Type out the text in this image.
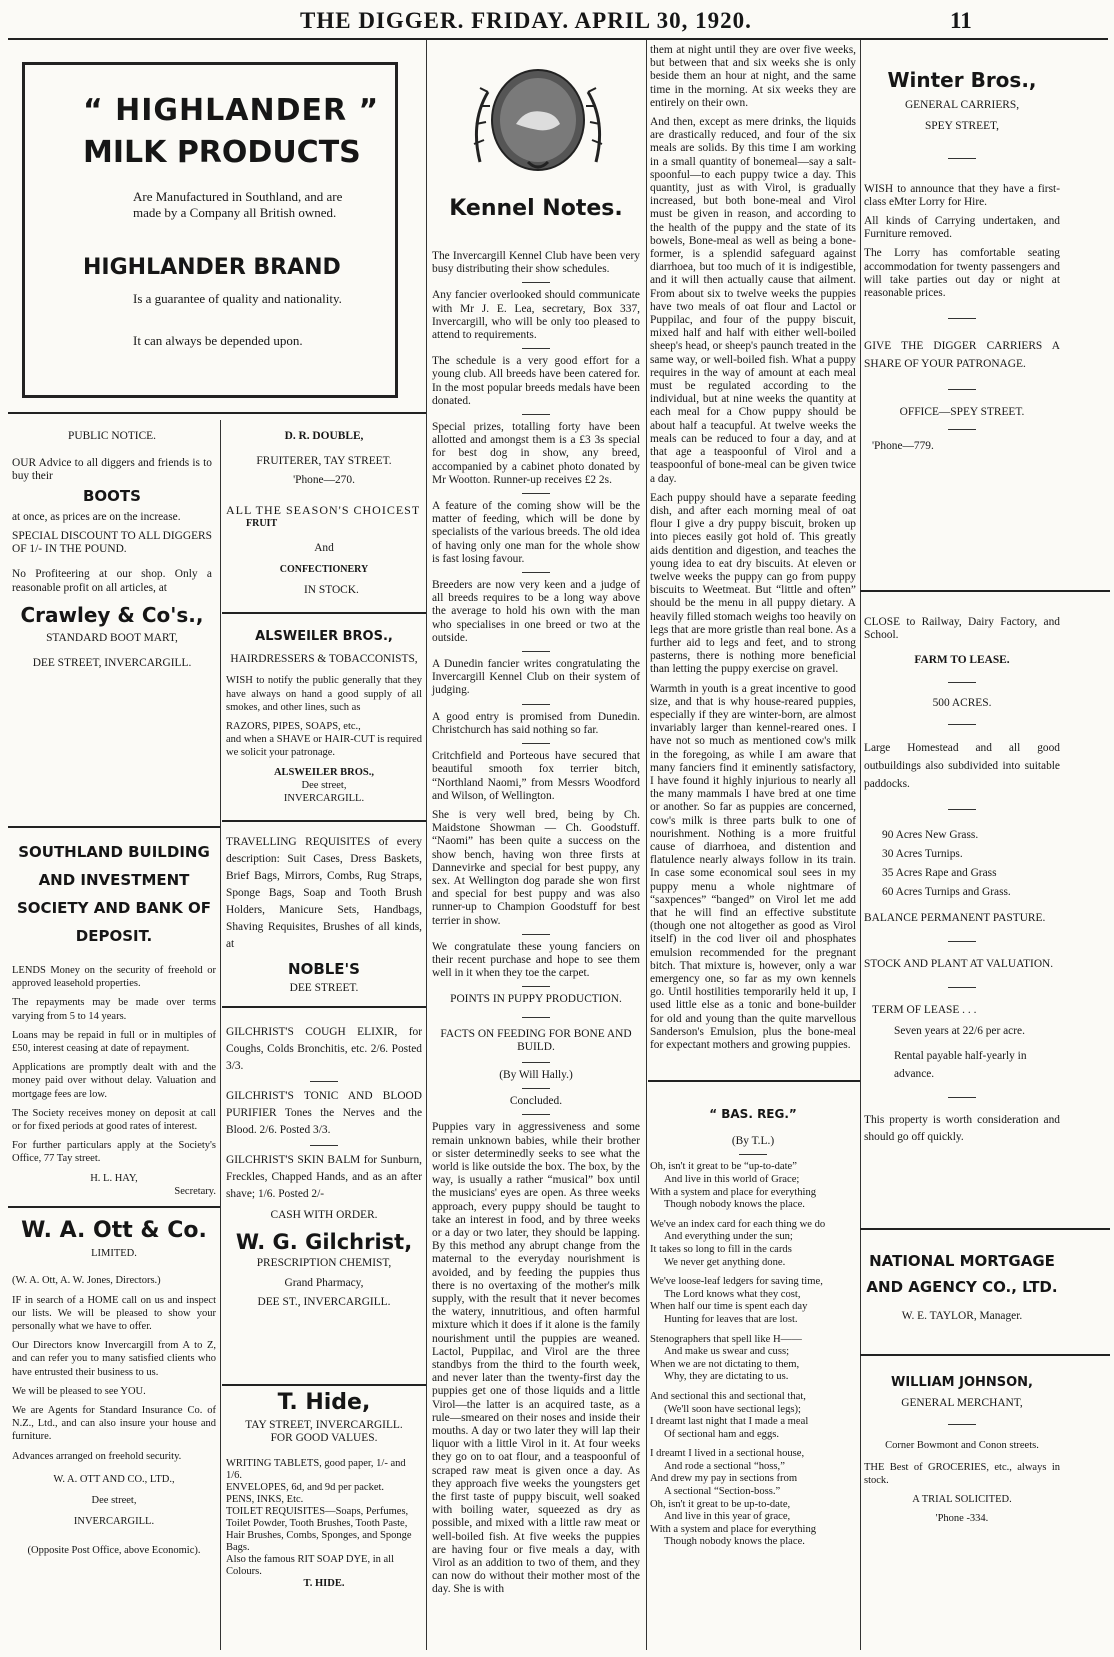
THE DIGGER. FRIDAY. APRIL 30, 1920.	11
“ HIGHLANDER ”
MILK PRODUCTS
Are Manufactured in Southland, and are made by a Company all British owned.
HIGHLANDER BRAND
Is a guarantee of quality and nationality.
It can always be depended upon.
PUBLIC NOTICE.

OUR Advice to all diggers and friends is to buy their

BOOTS

at once, as prices are on the increase.

SPECIAL DISCOUNT TO ALL DIGGERS OF 1/- IN THE POUND.

No Profiteering at our shop. Only a reasonable profit on all articles, at

Crawley & Co's.,
STANDARD BOOT MART,
DEE STREET, INVERCARGILL.
SOUTHLAND BUILDING AND INVESTMENT SOCIETY AND BANK OF DEPOSIT.

LENDS Money on the security of freehold or approved leasehold properties.

The repayments may be made over terms varying from 5 to 14 years.

Loans may be repaid in full or in multiples of £50, interest ceasing at date of repayment.

Applications are promptly dealt with and the money paid over without delay. Valuation and mortgage fees are low.

The Society receives money on deposit at call or for fixed periods at good rates of interest.

For further particulars apply at the Society's Office, 77 Tay street.

H. L. HAY,
Secretary.
W. A. Ott & Co.
LIMITED.

(W. A. Ott, A. W. Jones, Directors.)

IF in search of a HOME call on us and inspect our lists. We will be pleased to show your personally what we have to offer.

Our Directors know Invercargill from A to Z, and can refer you to many satisfied clients who have entrusted their business to us.

We will be pleased to see YOU.

We are Agents for Standard Insurance Co. of N.Z., Ltd., and can also insure your house and furniture.

Advances arranged on freehold security.

W. A. OTT AND CO., LTD.,
Dee street,
INVERCARGILL.
(Opposite Post Office, above Economic).
D. R. DOUBLE,
FRUITERER, TAY STREET.
'Phone—270.
ALL THE SEASON'S CHOICEST
FRUIT
And
CONFECTIONERY
IN STOCK.
ALSWEILER BROS.,
HAIRDRESSERS & TOBACCONISTS,

WISH to notify the public generally that they have always on hand a good supply of all smokes, and other lines, such as

RAZORS, PIPES, SOAPS, etc.,

and when a SHAVE or HAIR-CUT is required we solicit your patronage.

ALSWEILER BROS.,
Dee street,
INVERCARGILL.

TRAVELLING REQUISITES of every description: Suit Cases, Dress Baskets, Brief Bags, Mirrors, Combs, Rug Straps, Sponge Bags, Soap and Tooth Brush Holders, Manicure Sets, Handbags, Shaving Requisites, Brushes of all kinds, at

NOBLE'S
DEE STREET.

GILCHRIST'S COUGH ELIXIR, for Coughs, Colds Bronchitis, etc. 2/6. Posted 3/3.

GILCHRIST'S TONIC AND BLOOD PURIFIER Tones the Nerves and the Blood. 2/6. Posted 3/3.

GILCHRIST'S SKIN BALM for Sunburn, Freckles, Chapped Hands, and as an after shave; 1/6. Posted 2/-

CASH WITH ORDER.
W. G. Gilchrist,
PRESCRIPTION CHEMIST,
Grand Pharmacy,
DEE ST., INVERCARGILL.
T. Hide,
TAY STREET, INVERCARGILL.
FOR GOOD VALUES.
WRITING TABLETS, good paper, 1/- and 1/6.
ENVELOPES, 6d, and 9d per packet.
PENS, INKS, Etc.
TOILET REQUISITES—Soaps, Perfumes, Toilet Powder, Tooth Brushes, Tooth Paste, Hair Brushes, Combs, Sponges, and Sponge Bags.
Also the famous RIT SOAP DYE, in all Colours.
T. HIDE.
Kennel Notes.

The Invercargill Kennel Club have been very busy distributing their show schedules.

Any fancier overlooked should communicate with Mr J. E. Lea, secretary, Box 337, Invercargill, who will be only too pleased to attend to requirements.

The schedule is a very good effort for a young club. All breeds have been catered for. In the most popular breeds medals have been donated.

Special prizes, totalling forty have been allotted and amongst them is a £3 3s special for best dog in show, any breed, accompanied by a cabinet photo donated by Mr Wootton. Runner-up receives £2 2s.

A feature of the coming show will be the matter of feeding, which will be done by specialists of the various breeds. The old idea of having only one man for the whole show is fast losing favour.

Breeders are now very keen and a judge of all breeds requires to be a long way above the average to hold his own with the man who specialises in one breed or two at the outside.

A Dunedin fancier writes congratulating the Invercargill Kennel Club on their system of judging.

A good entry is promised from Dunedin. Christchurch has said nothing so far.

Critchfield and Porteous have secured that beautiful smooth fox terrier bitch, “Northland Naomi,” from Messrs Woodford and Wilson, of Wellington.

She is very well bred, being by Ch. Maidstone Showman — Ch. Goodstuff. “Naomi” has been quite a success on the show bench, having won three firsts at Dannevirke and special for best puppy, any sex. At Wellington dog parade she won first and special for best puppy and was also runner-up to Champion Goodstuff for best terrier in show.

We congratulate these young fanciers on their recent purchase and hope to see them well in it when they toe the carpet.

POINTS IN PUPPY PRODUCTION.
FACTS ON FEEDING FOR BONE AND BUILD.
(By Will Hally.)
Concluded.

Puppies vary in aggressiveness and some remain unknown babies, while their brother or sister determinedly seeks to see what the world is like outside the box. The box, by the way, is usually a rather “musical” box until the musicians' eyes are open. As three weeks approach, every puppy should be taught to take an interest in food, and by three weeks or a day or two later, they should be lapping. By this method any abrupt change from the maternal to the everyday nourishment is avoided, and by feeding the puppies thus there is no overtaxing of the mother's milk supply, with the result that it never becomes the watery, innutritious, and often harmful mixture which it does if it alone is the family nourishment until the puppies are weaned. Lactol, Puppilac, and Virol are the three standbys from the third to the fourth week, and never later than the twenty-first day the puppies get one of those liquids and a little Virol—the latter is an acquired taste, as a rule—smeared on their noses and inside their mouths. A day or two later they will lap their liquor with a little Virol in it. At four weeks they go on to oat flour, and a teaspoonful of scraped raw meat is given once a day. As they approach five weeks the youngsters get the first taste of puppy biscuit, well soaked with boiling water, squeezed as dry as possible, and mixed with a little raw meat or well-boiled fish. At five weeks the puppies are having four or five meals a day, with Virol as an addition to two of them, and they can now do without their mother most of the day. She is with

them at night until they are over five weeks, but between that and six weeks she is only beside them an hour at night, and the same time in the morning. At six weeks they are entirely on their own.

And then, except as mere drinks, the liquids are drastically reduced, and four of the six meals are solids. By this time I am working in a small quantity of bonemeal—say a salt-spoonful—to each puppy twice a day. This quantity, just as with Virol, is gradually increased, but both bone-meal and Virol must be given in reason, and according to the health of the puppy and the state of its bowels, Bone-meal as well as being a bone-former, is a splendid safeguard against diarrhoea, but too much of it is indigestible, and it will then actually cause that ailment. From about six to twelve weeks the puppies have two meals of oat flour and Lactol or Puppilac, and four of the puppy biscuit, mixed half and half with either well-boiled sheep's head, or sheep's paunch treated in the same way, or well-boiled fish. What a puppy requires in the way of amount at each meal must be regulated according to the individual, but at nine weeks the quantity at each meal for a Chow puppy should be about half a teacupful. At twelve weeks the meals can be reduced to four a day, and at that age a teaspoonful of Virol and a teaspoonful of bone-meal can be given twice a day.

Each puppy should have a separate feeding dish, and after each morning meal of oat flour I give a dry puppy biscuit, broken up into pieces easily got hold of. This greatly aids dentition and digestion, and teaches the young idea to eat dry biscuits. At eleven or twelve weeks the puppy can go from puppy biscuits to Weetmeat. But “little and often” should be the menu in all puppy dietary. A heavily filled stomach weighs too heavily on legs that are more gristle than real bone. As a further aid to legs and feet, and to strong pasterns, there is nothing more beneficial than letting the puppy exercise on gravel.

Warmth in youth is a great incentive to good size, and that is why house-reared puppies, especially if they are winter-born, are almost invariably larger than kennel-reared ones. I have not so much as mentioned cow's milk in the foregoing, as while I am aware that many fanciers find it eminently satisfactory, I have found it highly injurious to nearly all the many mammals I have bred at one time or another. So far as puppies are concerned, cow's milk is three parts bulk to one of nourishment. Nothing is a more fruitful cause of diarrhoea, and distention and flatulence nearly always follow in its train. In case some economical soul sees in my puppy menu a whole nightmare of “saxpences” “banged” on Virol let me add that he will find an effective substitute (though one not altogether as good as Virol itself) in the cod liver oil and phosphates emulsion recommended for the pregnant bitch. That mixture is, however, only a war emergency one, so far as my own kennels go. Until hostilities temporarily held it up, I used little else as a tonic and bone-builder for old and young than the quite marvellous Sanderson's Emulsion, plus the bone-meal for expectant mothers and growing puppies.

“ BAS. REG.”
(By T.L.)
Oh, isn't it great to be “up-to-date”
And live in this world of Grace;
With a system and place for everything
Though nobody knows the place.
We've an index card for each thing we do
And everything under the sun;
It takes so long to fill in the cards
We never get anything done.
We've loose-leaf ledgers for saving time,
The Lord knows what they cost,
When half our time is spent each day
Hunting for leaves that are lost.
Stenographers that spell like H——
And make us swear and cuss;
When we are not dictating to them,
Why, they are dictating to us.
And sectional this and sectional that,
(We'll soon have sectional legs);
I dreamt last night that I made a meal
Of sectional ham and eggs.
I dreamt I lived in a sectional house,
And rode a sectional “hoss,”
And drew my pay in sections from
A sectional “Section-boss.”
Oh, isn't it great to be up-to-date,
And live in this year of grace,
With a system and place for everything
Though nobody knows the place.
Winter Bros.,
GENERAL CARRIERS,
SPEY STREET,

WISH to announce that they have a first-class eMter Lorry for Hire.

All kinds of Carrying undertaken, and Furniture removed.

The Lorry has comfortable seating accommodation for twenty passengers and will take parties out day or night at reasonable prices.

GIVE THE DIGGER CARRIERS A SHARE OF YOUR PATRONAGE.

OFFICE—SPEY STREET.
'Phone—779.

CLOSE to Railway, Dairy Factory, and School.

FARM TO LEASE.
500 ACRES.

Large Homestead and all good outbuildings also subdivided into suitable paddocks.

90 Acres New Grass.
30 Acres Turnips.
35 Acres Rape and Grass
60 Acres Turnips and Grass.
BALANCE PERMANENT PASTURE.
STOCK AND PLANT AT VALUATION.
TERM OF LEASE . . .
Seven years at 22/6 per acre.
Rental payable half-yearly in advance.

This property is worth consideration and should go off quickly.

NATIONAL MORTGAGE AND AGENCY CO., LTD.
W. E. TAYLOR, Manager.
WILLIAM JOHNSON,
GENERAL MERCHANT,
Corner Bowmont and Conon streets.

THE Best of GROCERIES, etc., always in stock.

A TRIAL SOLICITED.
'Phone -334.
